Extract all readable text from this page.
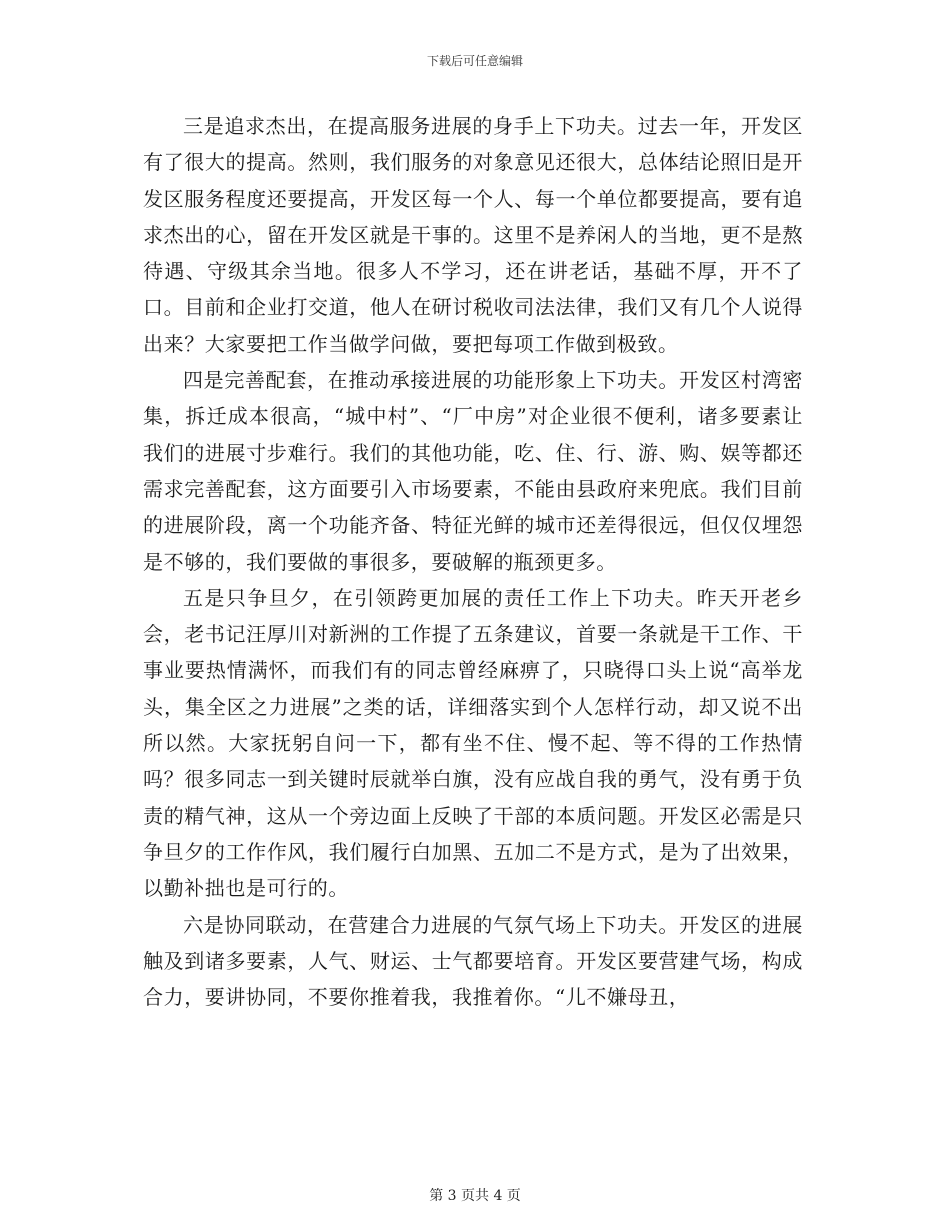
下载后可任意编辑

三是追求杰出，在提高服务进展的身手上下功夫。过去一年，开发区有了很大的提高。然则，我们服务的对象意见还很大，总体结论照旧是开发区服务程度还要提高，开发区每一个人、每一个单位都要提高，要有追求杰出的心，留在开发区就是干事的。这里不是养闲人的当地，更不是熬待遇、守级其余当地。很多人不学习，还在讲老话，基础不厚，开不了口。目前和企业打交道，他人在研讨税收司法法律，我们又有几个人说得出来？大家要把工作当做学问做，要把每项工作做到极致。

四是完善配套，在推动承接进展的功能形象上下功夫。开发区村湾密集，拆迁成本很高，“城中村”、“厂中房”对企业很不便利，诸多要素让我们的进展寸步难行。我们的其他功能，吃、住、行、游、购、娱等都还需求完善配套，这方面要引入市场要素，不能由县政府来兜底。我们目前的进展阶段，离一个功能齐备、特征光鲜的城市还差得很远，但仅仅埋怨是不够的，我们要做的事很多，要破解的瓶颈更多。

五是只争旦夕，在引领跨更加展的责任工作上下功夫。昨天开老乡会，老书记汪厚川对新洲的工作提了五条建议，首要一条就是干工作、干事业要热情满怀，而我们有的同志曾经麻痹了，只晓得口头上说“高举龙头，集全区之力进展”之类的话，详细落实到个人怎样行动，却又说不出所以然。大家抚躬自问一下，都有坐不住、慢不起、等不得的工作热情吗？很多同志一到关键时辰就举白旗，没有应战自我的勇气，没有勇于负责的精气神，这从一个旁边面上反映了干部的本质问题。开发区必需是只争旦夕的工作作风，我们履行白加黑、五加二不是方式，是为了出效果，以勤补拙也是可行的。

六是协同联动，在营建合力进展的气氛气场上下功夫。开发区的进展触及到诸多要素，人气、财运、士气都要培育。开发区要营建气场，构成合力，要讲协同，不要你推着我，我推着你。“儿不嫌母丑，

第 3 页共 4 页
